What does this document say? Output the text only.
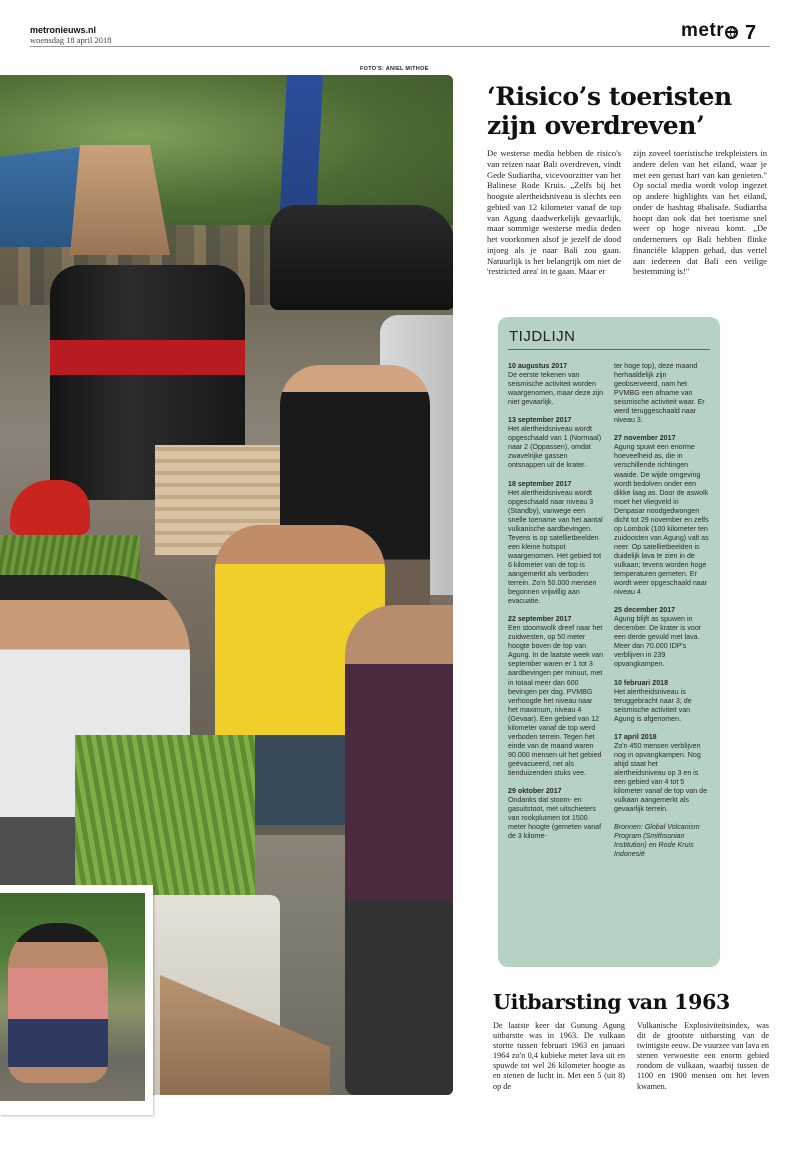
metronieuws.nl
woensdag 18 april 2018	metr 7
FOTO'S: ANIEL MITHOE
‘Risico’s toeristen
zijn overdreven’
De westerse media hebben de risico's van reizen naar Bali overdreven, vindt Gede Sudiartha, vicevoorzitter van het Balinese Rode Kruis. „Zelfs bij het hoogste alertheidsniveau is slechts een gebied van 12 kilometer vanaf de top van Agung daadwerkelijk gevaarlijk, maar sommige westerse media deden het voorkomen alsof je jezelf de dood injoeg als je naar Bali zou gaan. Natuurlijk is het belangrijk om niet de 'restricted area' in te gaan. Maar er
zijn zoveel toeristische trekpleisters in andere delen van het eiland, waar je met een gerust hart van kan genieten." Op social media wordt volop ingezet op andere highlights van het eiland, onder de hashtag #balisafe. Sudiartha hoopt dan ook dat het toerisme snel weer op hoge niveau komt. „De ondernemers op Bali hebben flinke financiële klappen gehad, dus vertel aan iedereen dat Bali een veilige bestemming is!"
TIJDLIJN
10 augustus 2017
De eerste tekenen van seismische activiteit worden waargenomen, maar deze zijn niet gevaarlijk.
13 september 2017
Het alertheidsniveau wordt opgeschaald van 1 (Normaal) naar 2 (Oppassen), omdat zwavelrijke gassen ontsnappen uit de krater.
18 september 2017
Het alertheidsniveau wordt opgeschaald naar niveau 3 (Standby), vanwege een snelle toename van het aantal vulkanische aardbevingen. Tevens is op satellietbeelden een kleine hotspot waargenomen. Het gebied tot 6 kilometer van de top is aangemerkt als verboden terrein. Zo'n 50.000 mensen begonnen vrijwillig aan evacuatie.
22 september 2017
Een stoomwolk dreef naar het zuidwesten, op 50 meter hoogte boven de top van Agung. In de laatste week van september waren er 1 tot 3 aardbevingen per minuut, met in totaal meer dan 600 bevingen per dag. PVMBG verhoogde het niveau naar het maximum, niveau 4 (Gevaar). Een gebied van 12 kilometer vanaf de top werd verboden terrein. Tegen het einde van de maand waren 90.000 mensen uit het gebied geëvacueerd, net als tienduizenden stuks vee.
29 oktober 2017
Ondanks dat stoom- en gasuitstoot, met uitschieters van rookpluimen tot 1500 meter hoogte (gemeten vanaf de 3 kilome-
ter hoge top), deze maand herhaaldelijk zijn geobserveerd, nam het PVMBG een afname van seismische activiteit waar. Er werd teruggeschaald naar niveau 3.
27 november 2017
Agung spuwt een enorme hoeveelheid as, die in verschillende richtingen waaide. De wijde omgeving wordt bedolven onder een dikke laag as. Door de aswolk moet het vliegveld in Denpasar noodgedwongen dicht tot 29 november en zelfs op Lombok (100 kilometer ten zuidoosten van Agung) valt as neer. Op satellietbeelden is duidelijk lava te zien in de vulkaan; tevens worden hoge temperaturen gemeten. Er wordt weer opgeschaald naar niveau 4
25 december 2017
Agung blijft as spuwen in december. De krater is voor een derde gevuld met lava. Meer dan 70.000 IDP's verblijven in 239 opvangkampen.
10 februari 2018
Het alertheidsniveau is teruggebracht naar 3; de seismische activiteit van Agung is afgenomen.
17 april 2018
Zo'n 450 mensen verblijven nog in opvangkampen. Nog altijd staat het alertheidsniveau op 3 en is een gebied van 4 tot 5 kilometer vanaf de top van de vulkaan aangemerkt als gevaarlijk terrein.
Bronnen: Global Volcanism Program (Smithsonian Institution) en Rode Kruis Indonesië
Uitbarsting van 1963
De laatste keer dat Gunung Agung uitbarstte was in 1963. De vulkaan stortte tussen februari 1963 en januari 1964 zo'n 0,4 kubieke meter lava uit en spuwde tot wel 26 kilometer hoogte as en stenen de lucht in. Met een 5 (uit 8) op de
Vulkanische Explosiviteitsindex, was dit de grootste uitbarsting van de twintigste eeuw. De vuurzee van lava en stenen verwoestte een enorm gebied rondom de vulkaan, waarbij tussen de 1100 en 1900 mensen om het leven kwamen.
